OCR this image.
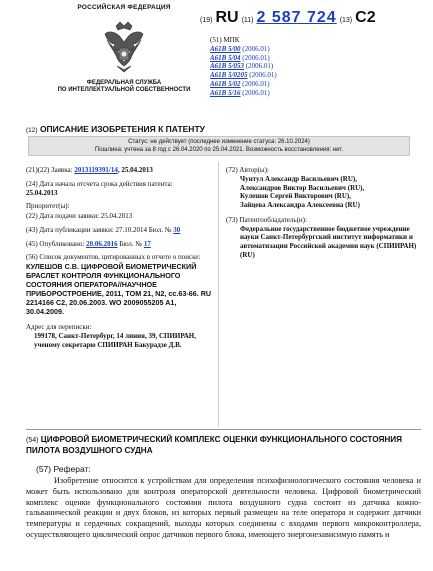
РОССИЙСКАЯ ФЕДЕРАЦИЯ
ФЕДЕРАЛЬНАЯ СЛУЖБА
ПО ИНТЕЛЛЕКТУАЛЬНОЙ СОБСТВЕННОСТИ
(19) RU (11) 2 587 724 (13) C2
(51) МПК
A61B 5/00 (2006.01)
A61B 5/04 (2006.01)
A61B 5/053 (2006.01)
A61B 5/0205 (2006.01)
A61B 5/02 (2006.01)
A61B 5/16 (2006.01)
(12) ОПИСАНИЕ ИЗОБРЕТЕНИЯ К ПАТЕНТУ
Статус: не действует (последнее изменение статуса: 26.10.2024)
Пошлина: учтена за 8 год с 26.04.2020 по 25.04.2021. Возможность восстановления: нет.
(21)(22) Заявка: 2013119391/14, 25.04.2013
(24) Дата начала отсчета срока действия патента:
25.04.2013
Приоритет(ы):
(22) Дата подачи заявки: 25.04.2013
(43) Дата публикации заявки: 27.10.2014 Бюл. № 30
(45) Опубликовано: 20.06.2016 Бюл. № 17
(56) Список документов, цитированных в отчете о поиске:
КУЛЕШОВ С.В. ЦИФРОВОЙ БИОМЕТРИЧЕСКИЙ БРАСЛЕТ КОНТРОЛЯ ФУНКЦИОНАЛЬНОГО СОСТОЯНИЯ ОПЕРАТОРА//НАУЧНОЕ ПРИБОРОСТРОЕНИЕ, 2011, ТОМ 21, N2, сс.63-66. RU 2214166 C2, 20.06.2003. WO 2009055205 A1, 30.04.2009.
Адрес для переписки:
199178, Санкт-Петербург, 14 линия, 39, СПИИРАН, ученому секретарю СПИИРАН Бакурадзе Д.В.
(72) Автор(ы):
Чунтул Александр Васильевич (RU),
Александров Виктор Васильевич (RU),
Кулешов Сергей Викторович (RU),
Зайцева Александра Алексеевна (RU)
(73) Патентообладатель(и):
Федеральное государственное бюджетное учреждение науки Санкт-Петербургский институт информатики и автоматизации Российской академии наук (СПИИРАН) (RU)
(54) ЦИФРОВОЙ БИОМЕТРИЧЕСКИЙ КОМПЛЕКС ОЦЕНКИ ФУНКЦИОНАЛЬНОГО СОСТОЯНИЯ ПИЛОТА ВОЗДУШНОГО СУДНА
(57) Реферат:
Изобретение относится к устройствам для определения психофизиологического состояния человека и может быть использовано для контроля операторской деятельности человека. Цифровой биометрический комплекс оценки функционального состояния пилота воздушного судна состоит из датчика кожно-гальванической реакции и двух блоков, из которых первый размещен на теле оператора и содержит датчики температуры и сердечных сокращений, выходы которых соединены с входами первого микроконтроллера, осуществляющего циклический опрос датчиков первого блока, имеющего энергонезависимую память и
